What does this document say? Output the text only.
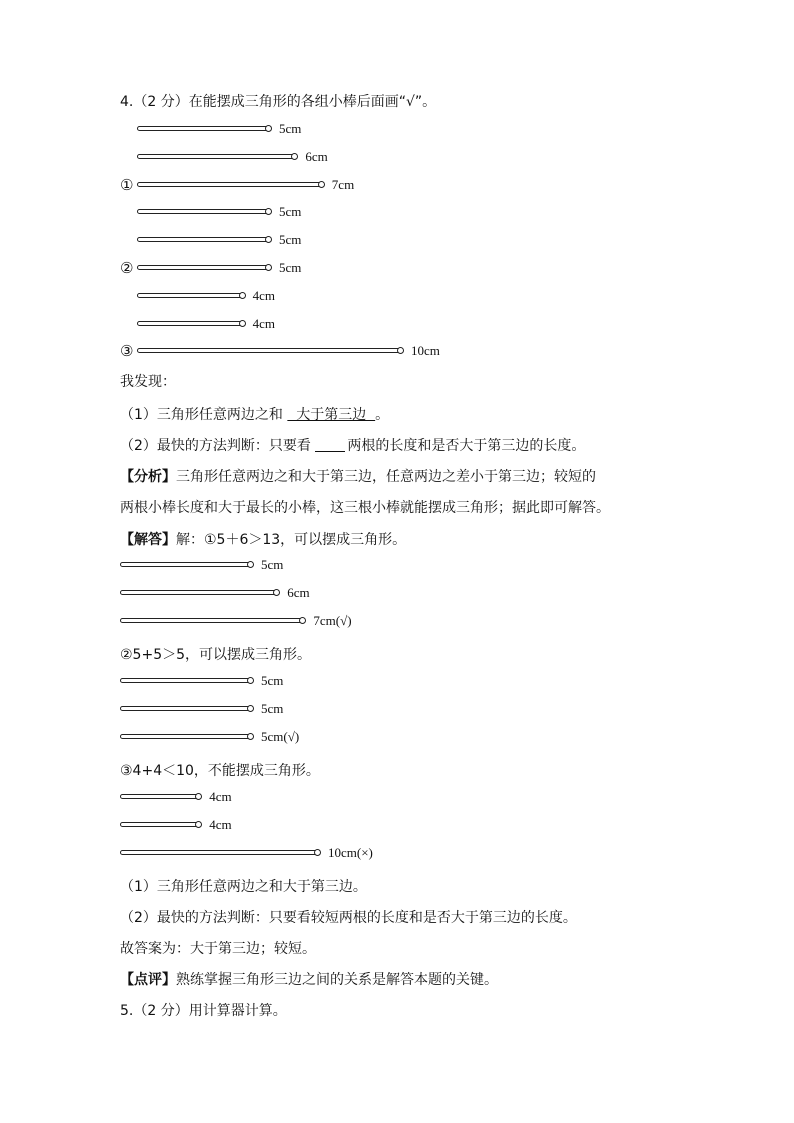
4.（2 分）在能摆成三角形的各组小棒后面画“√”。
5cm
6cm
①	7cm
5cm
5cm
②	5cm
4cm
4cm
③	10cm
我发现：
（1）三角形任意两边之和   大于第三边  。
（2）最快的方法判断：只要看 两根的长度和是否大于第三边的长度。
【分析】三角形任意两边之和大于第三边，任意两边之差小于第三边；较短的
两根小棒长度和大于最长的小棒，这三根小棒就能摆成三角形；据此即可解答。
【解答】解：①5＋6＞13，可以摆成三角形。
5cm
6cm
7cm(√)
②5+5＞5，可以摆成三角形。
5cm
5cm
5cm(√)
③4+4＜10，不能摆成三角形。
4cm
4cm
10cm(×)
（1）三角形任意两边之和大于第三边。
（2）最快的方法判断：只要看较短两根的长度和是否大于第三边的长度。
故答案为：大于第三边；较短。
【点评】熟练掌握三角形三边之间的关系是解答本题的关键。
5.（2 分）用计算器计算。
